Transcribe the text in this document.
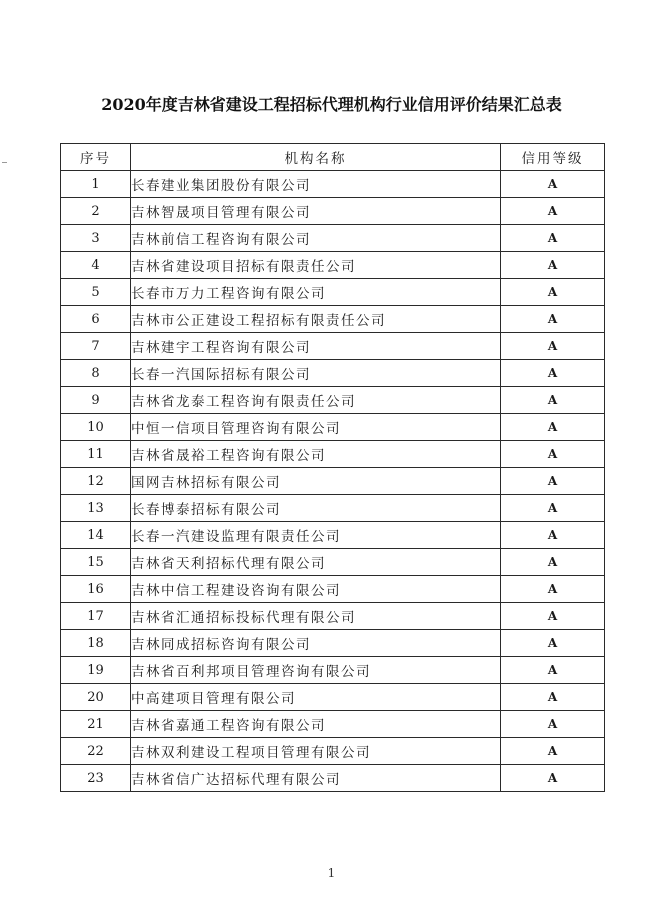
2020年度吉林省建设工程招标代理机构行业信用评价结果汇总表
序号	机构名称	信用等级
1	长春建业集团股份有限公司	A
2	吉林智晟项目管理有限公司	A
3	吉林前信工程咨询有限公司	A
4	吉林省建设项目招标有限责任公司	A
5	长春市万力工程咨询有限公司	A
6	吉林市公正建设工程招标有限责任公司	A
7	吉林建宇工程咨询有限公司	A
8	长春一汽国际招标有限公司	A
9	吉林省龙泰工程咨询有限责任公司	A
10	中恒一信项目管理咨询有限公司	A
11	吉林省晟裕工程咨询有限公司	A
12	国网吉林招标有限公司	A
13	长春博泰招标有限公司	A
14	长春一汽建设监理有限责任公司	A
15	吉林省天利招标代理有限公司	A
16	吉林中信工程建设咨询有限公司	A
17	吉林省汇通招标投标代理有限公司	A
18	吉林同成招标咨询有限公司	A
19	吉林省百利邦项目管理咨询有限公司	A
20	中高建项目管理有限公司	A
21	吉林省嘉通工程咨询有限公司	A
22	吉林双利建设工程项目管理有限公司	A
23	吉林省信广达招标代理有限公司	A
1
